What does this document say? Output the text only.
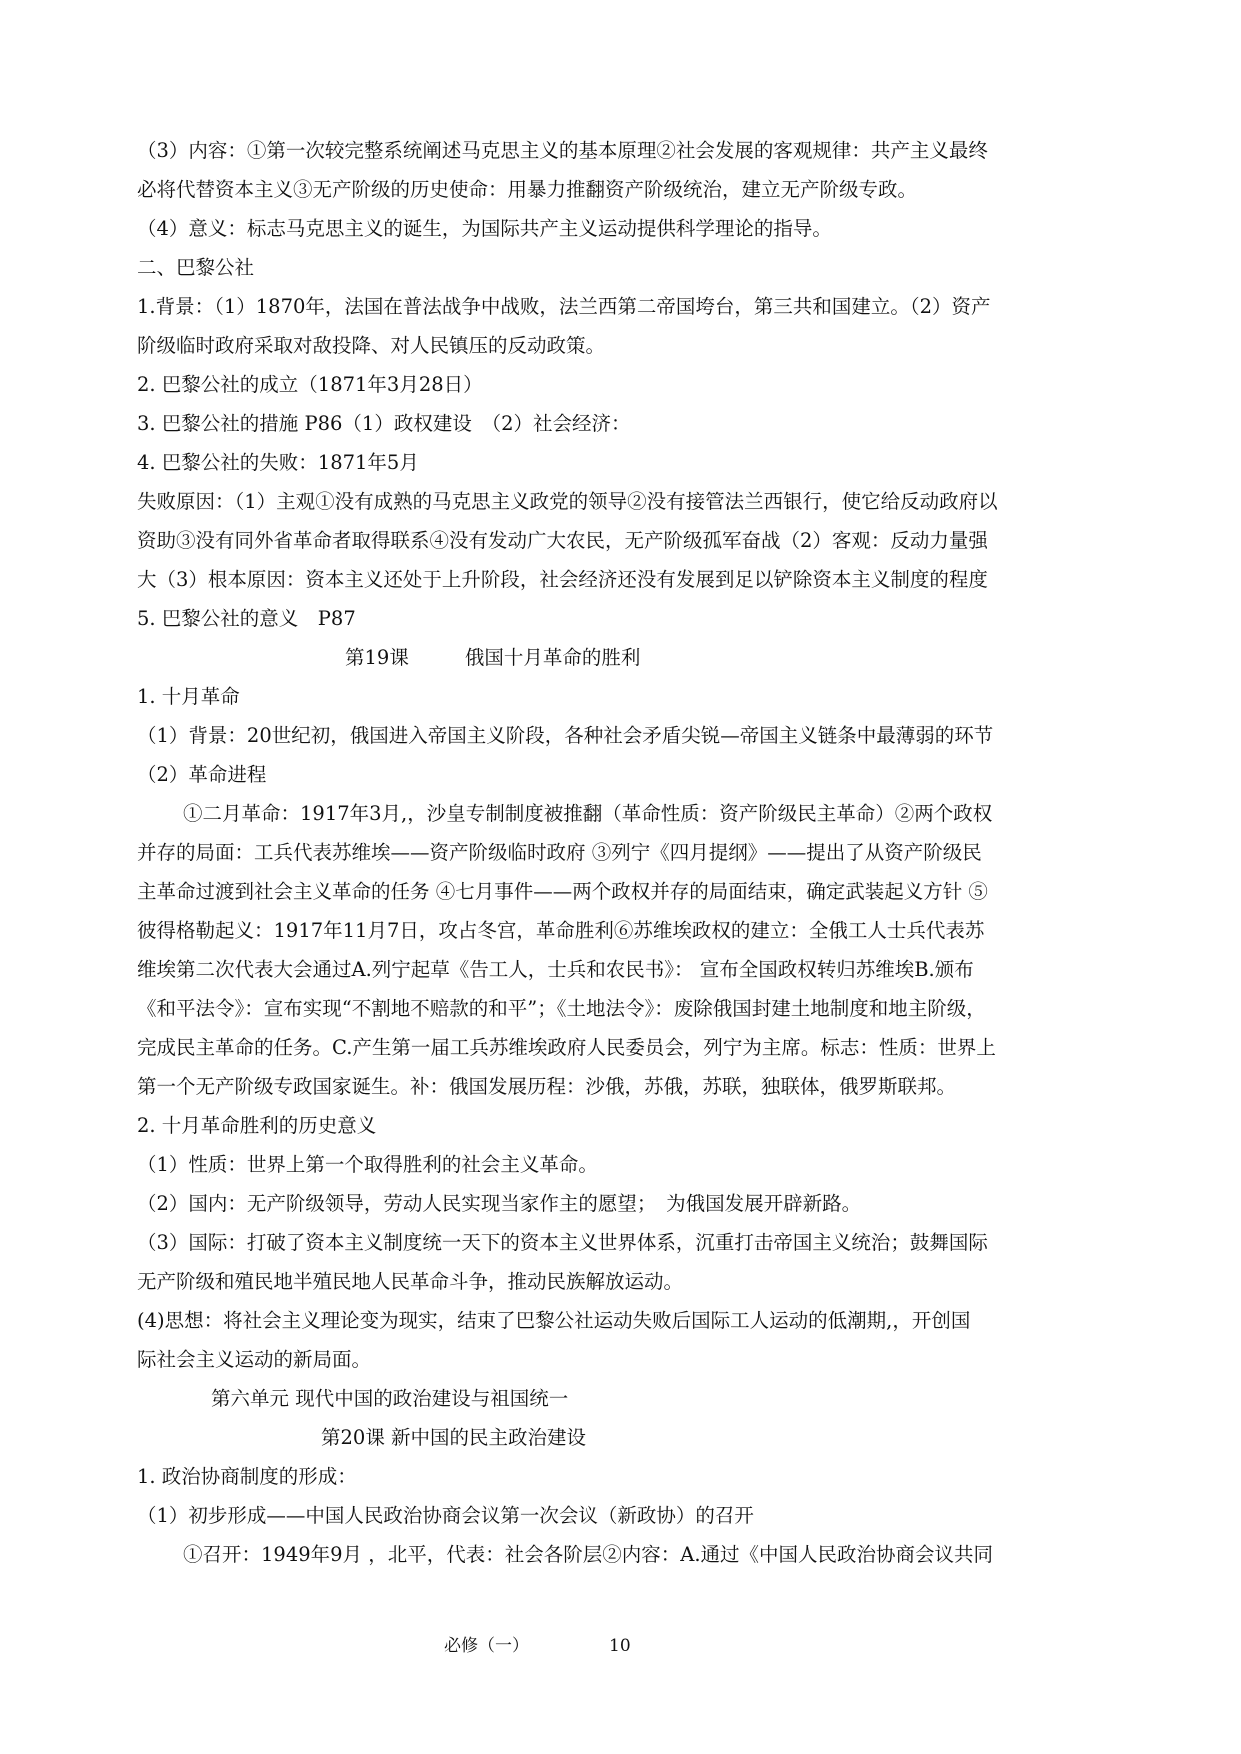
（3）内容：①第一次较完整系统阐述马克思主义的基本原理②社会发展的客观规律：共产主义最终
必将代替资本主义③无产阶级的历史使命：用暴力推翻资产阶级统治，建立无产阶级专政。
（4）意义：标志马克思主义的诞生，为国际共产主义运动提供科学理论的指导。
二、巴黎公社
1.背景：（1）1870年，法国在普法战争中战败，法兰西第二帝国垮台，第三共和国建立。（2）资产
阶级临时政府采取对敌投降、对人民镇压的反动政策。
2. 巴黎公社的成立（1871年3月28日）
3. 巴黎公社的措施 P86（1）政权建设　（2）社会经济：
4. 巴黎公社的失败：1871年5月
失败原因：（1）主观①没有成熟的马克思主义政党的领导②没有接管法兰西银行，使它给反动政府以
资助③没有同外省革命者取得联系④没有发动广大农民，无产阶级孤军奋战（2）客观：反动力量强
大（3）根本原因：资本主义还处于上升阶段，社会经济还没有发展到足以铲除资本主义制度的程度
5. 巴黎公社的意义　P87
第19课	俄国十月革命的胜利
1. 十月革命
（1）背景：20世纪初，俄国进入帝国主义阶段，各种社会矛盾尖锐—帝国主义链条中最薄弱的环节
（2）革命进程
①二月革命：1917年3月,，沙皇专制制度被推翻（革命性质：资产阶级民主革命）②两个政权
并存的局面：工兵代表苏维埃——资产阶级临时政府 ③列宁《四月提纲》——提出了从资产阶级民
主革命过渡到社会主义革命的任务 ④七月事件——两个政权并存的局面结束，确定武装起义方针 ⑤
彼得格勒起义：1917年11月7日，攻占冬宫，革命胜利⑥苏维埃政权的建立：全俄工人士兵代表苏
维埃第二次代表大会通过A.列宁起草《告工人，士兵和农民书》： 宣布全国政权转归苏维埃B.颁布
《和平法令》：宣布实现“不割地不赔款的和平”；《土地法令》：废除俄国封建土地制度和地主阶级，
完成民主革命的任务。C.产生第一届工兵苏维埃政府人民委员会，列宁为主席。标志：性质：世界上
第一个无产阶级专政国家诞生。补：俄国发展历程：沙俄，苏俄，苏联，独联体，俄罗斯联邦。
2. 十月革命胜利的历史意义
（1）性质：世界上第一个取得胜利的社会主义革命。
（2）国内：无产阶级领导，劳动人民实现当家作主的愿望；　为俄国发展开辟新路。
（3）国际：打破了资本主义制度统一天下的资本主义世界体系，沉重打击帝国主义统治；鼓舞国际
无产阶级和殖民地半殖民地人民革命斗争，推动民族解放运动。
(4)思想：将社会主义理论变为现实，结束了巴黎公社运动失败后国际工人运动的低潮期,，开创国
际社会主义运动的新局面。
第六单元 现代中国的政治建设与祖国统一
第20课 新中国的民主政治建设
1. 政治协商制度的形成：
（1）初步形成——中国人民政治协商会议第一次会议（新政协）的召开
①召开：1949年9月 ，北平，代表：社会各阶层②内容：A.通过《中国人民政治协商会议共同
必修（一）	10
